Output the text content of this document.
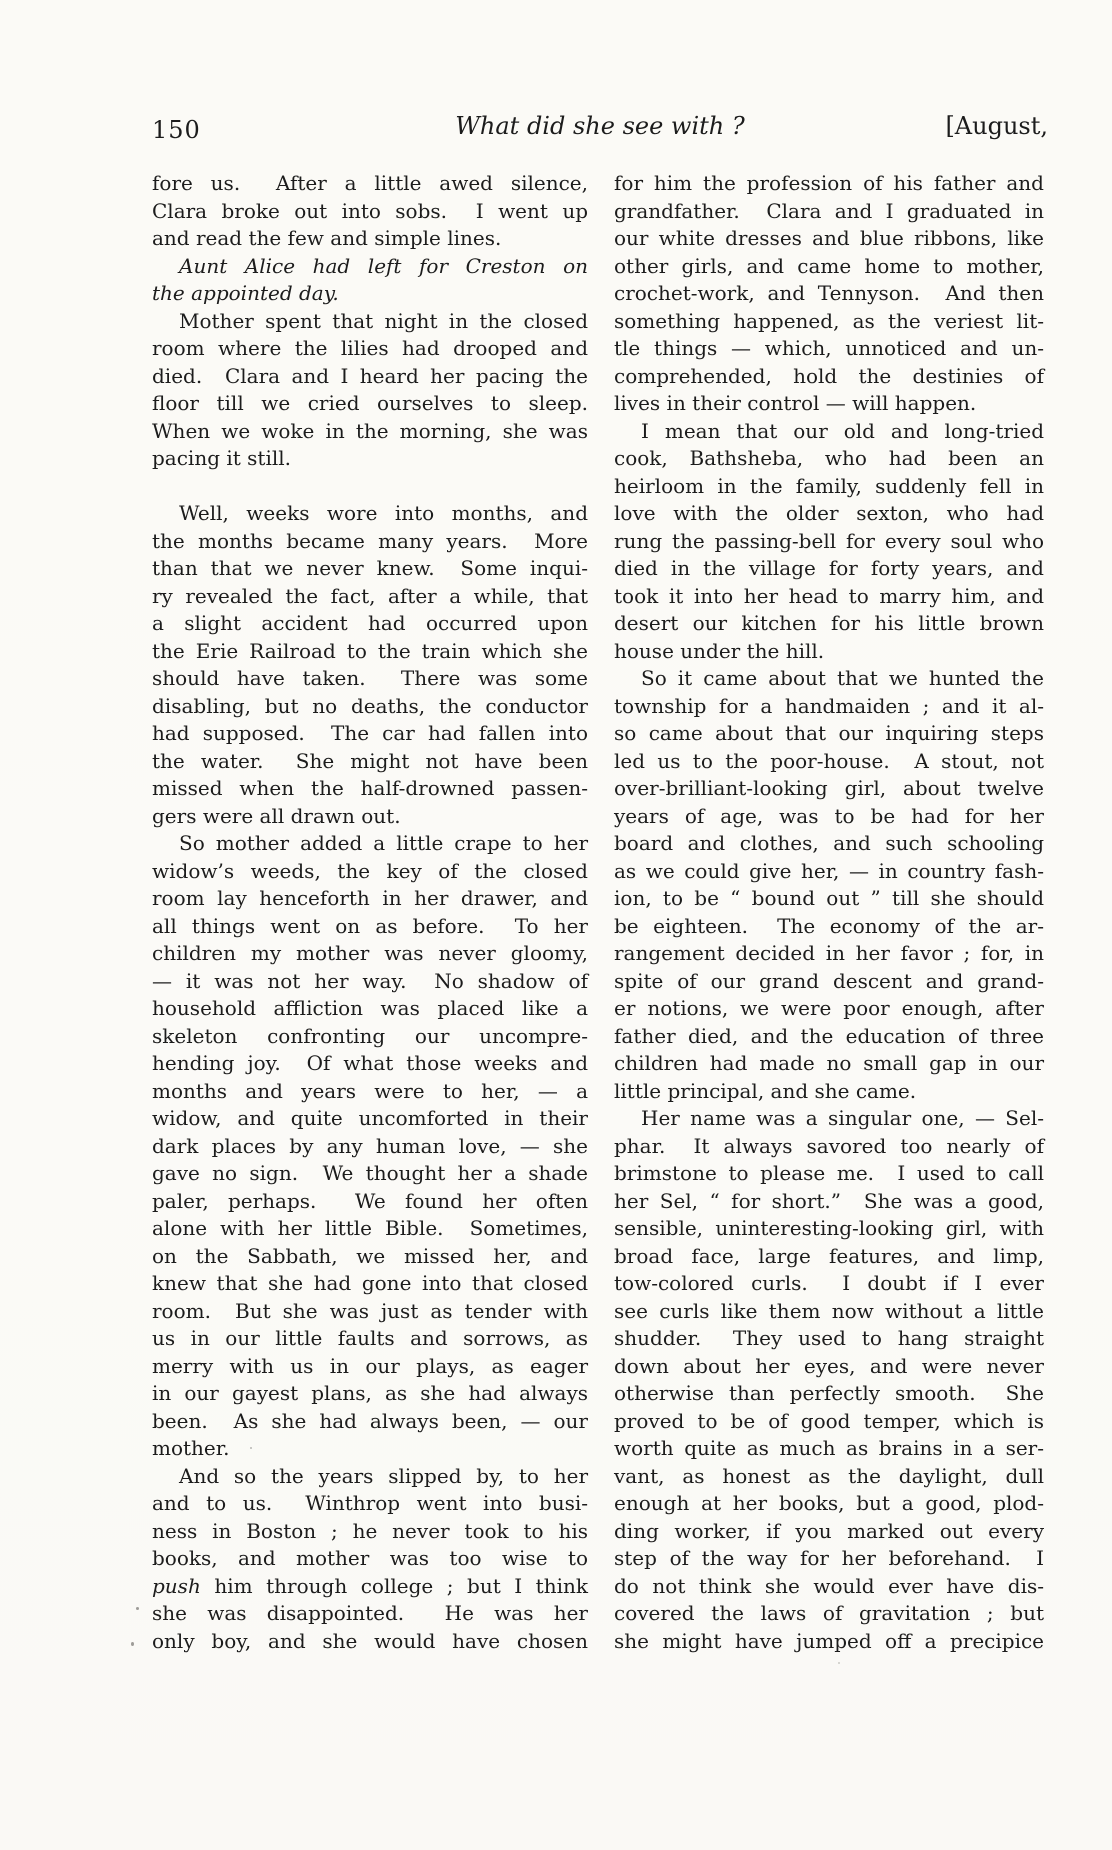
150	What did she see with ?	[August,
fore us.  After a little awed silence,
Clara broke out into sobs.  I went up
and read the few and simple lines.
Aunt Alice had left for Creston on
the appointed day.
Mother spent that night in the closed
room where the lilies had drooped and
died.  Clara and I heard her pacing the
floor till we cried ourselves to sleep.
When we woke in the morning, she was
pacing it still.
Well, weeks wore into months, and
the months became many years.  More
than that we never knew.  Some inqui-
ry revealed the fact, after a while, that
a slight accident had occurred upon
the Erie Railroad to the train which she
should have taken.  There was some
disabling, but no deaths, the conductor
had supposed.  The car had fallen into
the water.  She might not have been
missed when the half-drowned passen-
gers were all drawn out.
So mother added a little crape to her
widow’s weeds, the key of the closed
room lay henceforth in her drawer, and
all things went on as before.  To her
children my mother was never gloomy,
— it was not her way.  No shadow of
household affliction was placed like a
skeleton confronting our uncompre-
hending joy.  Of what those weeks and
months and years were to her, — a
widow, and quite uncomforted in their
dark places by any human love, — she
gave no sign.  We thought her a shade
paler, perhaps.  We found her often
alone with her little Bible.  Sometimes,
on the Sabbath, we missed her, and
knew that she had gone into that closed
room.  But she was just as tender with
us in our little faults and sorrows, as
merry with us in our plays, as eager
in our gayest plans, as she had always
been.  As she had always been, — our
mother.
And so the years slipped by, to her
and to us.  Winthrop went into busi-
ness in Boston ; he never took to his
books, and mother was too wise to
push him through college ; but I think
she was disappointed.  He was her
only boy, and she would have chosen
for him the profession of his father and
grandfather.  Clara and I graduated in
our white dresses and blue ribbons, like
other girls, and came home to mother,
crochet-work, and Tennyson.  And then
something happened, as the veriest lit-
tle things — which, unnoticed and un-
comprehended, hold the destinies of
lives in their control — will happen.
I mean that our old and long-tried
cook, Bathsheba, who had been an
heirloom in the family, suddenly fell in
love with the older sexton, who had
rung the passing-bell for every soul who
died in the village for forty years, and
took it into her head to marry him, and
desert our kitchen for his little brown
house under the hill.
So it came about that we hunted the
township for a handmaiden ; and it al-
so came about that our inquiring steps
led us to the poor-house.  A stout, not
over-brilliant-looking girl, about twelve
years of age, was to be had for her
board and clothes, and such schooling
as we could give her, — in country fash-
ion, to be “ bound out ” till she should
be eighteen.  The economy of the ar-
rangement decided in her favor ; for, in
spite of our grand descent and grand-
er notions, we were poor enough, after
father died, and the education of three
children had made no small gap in our
little principal, and she came.
Her name was a singular one, — Sel-
phar.  It always savored too nearly of
brimstone to please me.  I used to call
her Sel, “ for short.”  She was a good,
sensible, uninteresting-looking girl, with
broad face, large features, and limp,
tow-colored curls.  I doubt if I ever
see curls like them now without a little
shudder.  They used to hang straight
down about her eyes, and were never
otherwise than perfectly smooth.  She
proved to be of good temper, which is
worth quite as much as brains in a ser-
vant, as honest as the daylight, dull
enough at her books, but a good, plod-
ding worker, if you marked out every
step of the way for her beforehand.  I
do not think she would ever have dis-
covered the laws of gravitation ; but
she might have jumped off a precipice
